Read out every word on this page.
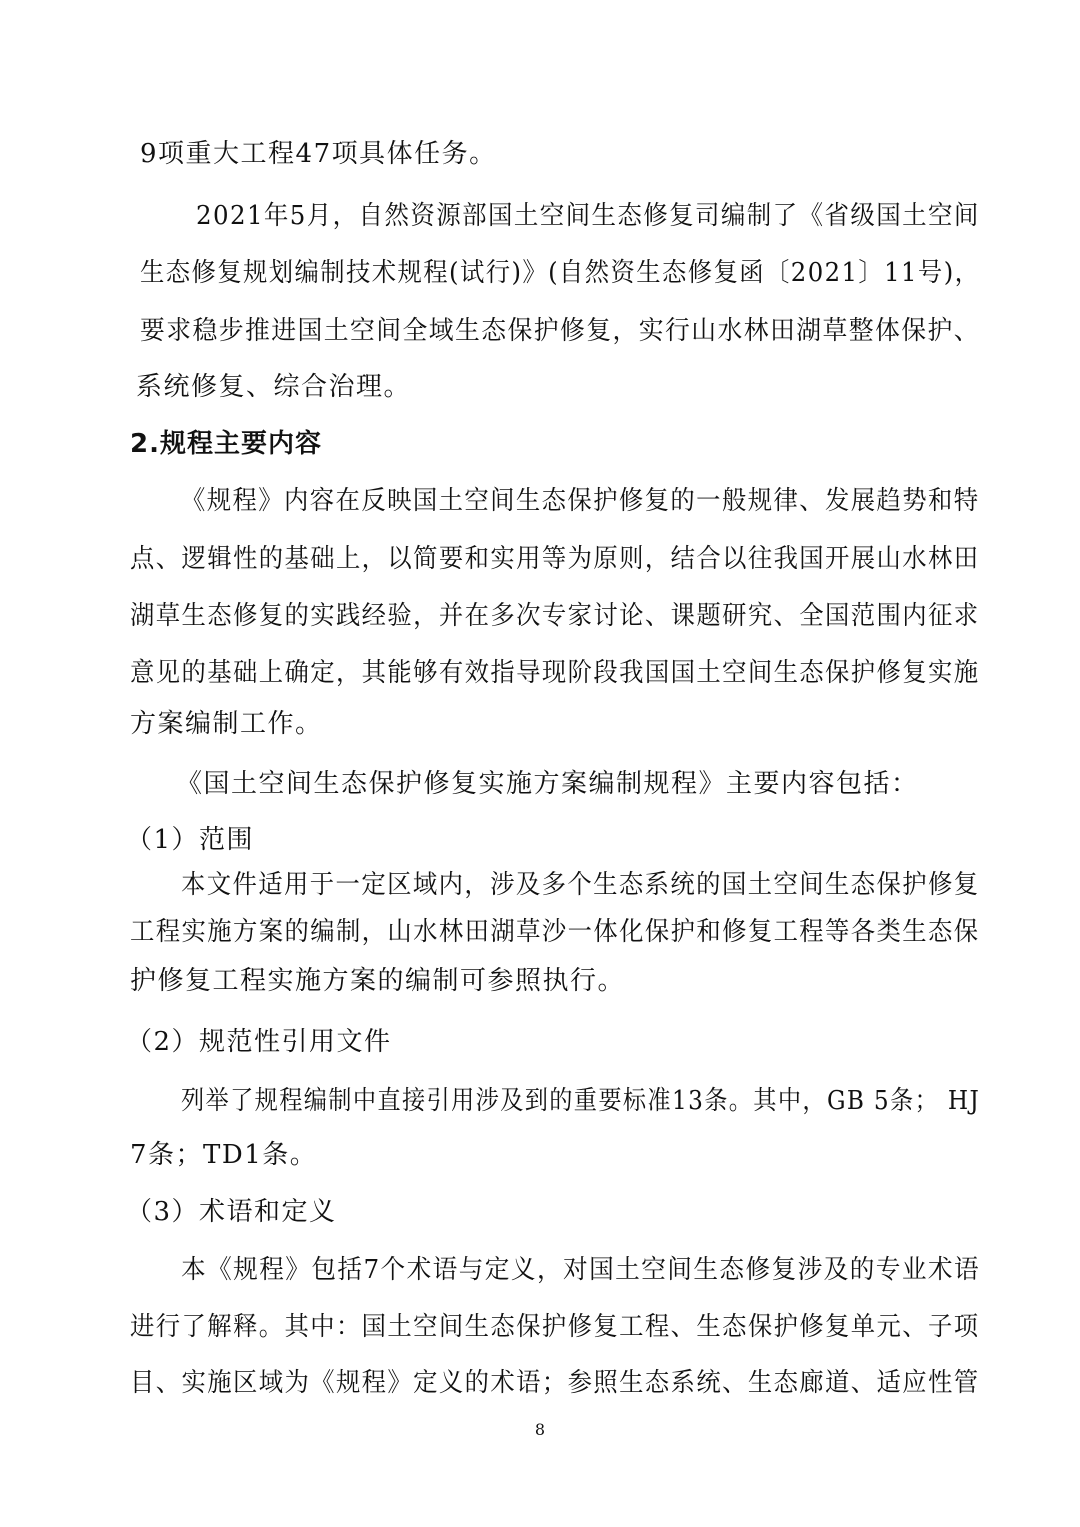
9项重大工程47项具体任务。
2021年5月，自然资源部国土空间生态修复司编制了《省级国土空间
生态修复规划编制技术规程(试行)》(自然资生态修复函〔2021〕11号)，
要求稳步推进国土空间全域生态保护修复，实行山水林田湖草整体保护、
系统修复、综合治理。
2.规程主要内容
《规程》内容在反映国土空间生态保护修复的一般规律、发展趋势和特
点、逻辑性的基础上，以简要和实用等为原则，结合以往我国开展山水林田
湖草生态修复的实践经验，并在多次专家讨论、课题研究、全国范围内征求
意见的基础上确定，其能够有效指导现阶段我国国土空间生态保护修复实施
方案编制工作。
《国土空间生态保护修复实施方案编制规程》主要内容包括：
（1）范围
本文件适用于一定区域内，涉及多个生态系统的国土空间生态保护修复
工程实施方案的编制，山水林田湖草沙一体化保护和修复工程等各类生态保
护修复工程实施方案的编制可参照执行。
（2）规范性引用文件
列举了规程编制中直接引用涉及到的重要标准13条。其中，GB 5条； HJ
7条；TD1条。
（3）术语和定义
本《规程》包括7个术语与定义，对国土空间生态修复涉及的专业术语
进行了解释。其中：国土空间生态保护修复工程、生态保护修复单元、子项
目、实施区域为《规程》定义的术语；参照生态系统、生态廊道、适应性管
8
